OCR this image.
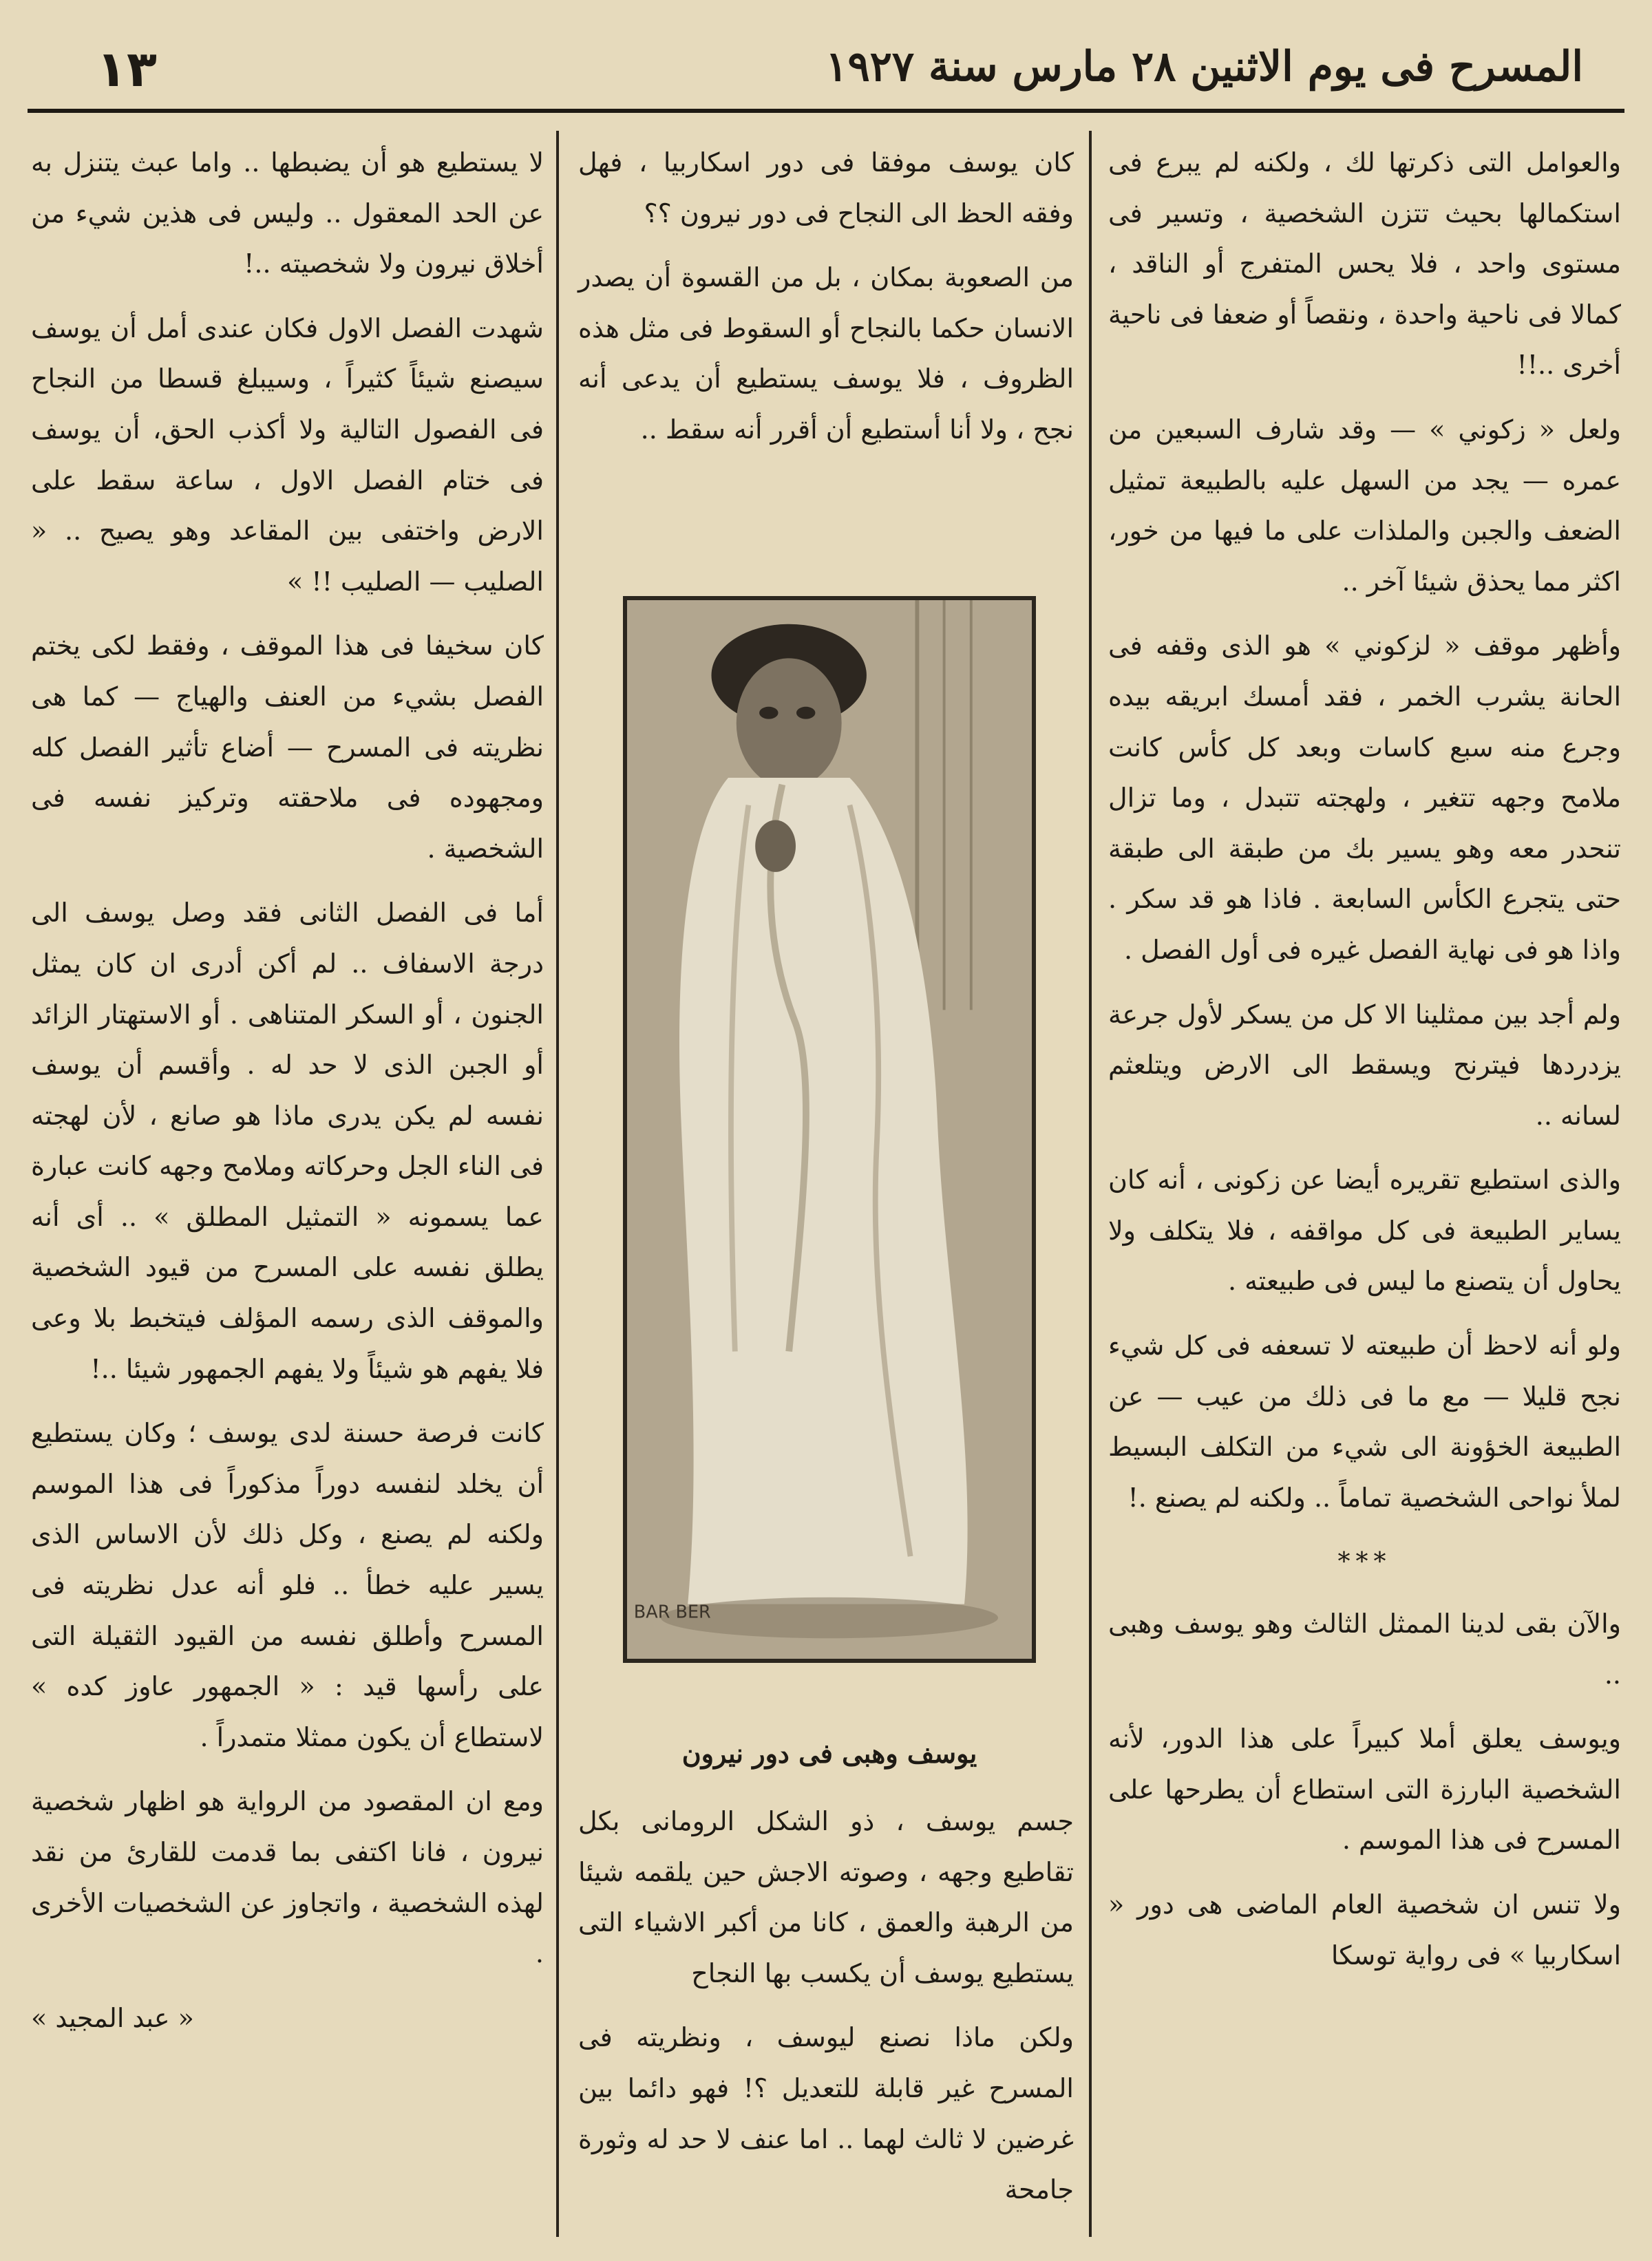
١٣	المسرح فى يوم الاثنين ٢٨ مارس سنة ١٩٢٧

والعوامل التى ذكرتها لك ، ولكنه لم يبرع فى استكمالها بحيث تتزن الشخصية ، وتسير فى مستوى واحد ، فلا يحس المتفرج أو الناقد ، كمالا فى ناحية واحدة ، ونقصاً أو ضعفا فى ناحية أخرى ..!!

ولعل « زكوني » — وقد شارف السبعين من عمره — يجد من السهل عليه بالطبيعة تمثيل الضعف والجبن والملذات على ما فيها من خور، اكثر مما يحذق شيئا آخر ..

وأظهر موقف « لزكوني » هو الذى وقفه فى الحانة يشرب الخمر ، فقد أمسك ابريقه بيده وجرع منه سبع كاسات وبعد كل كأس كانت ملامح وجهه تتغير ، ولهجته تتبدل ، وما تزال تنحدر معه وهو يسير بك من طبقة الى طبقة حتى يتجرع الكأس السابعة . فاذا هو قد سكر . واذا هو فى نهاية الفصل غيره فى أول الفصل .

ولم أجد بين ممثلينا الا كل من يسكر لأول جرعة يزدردها فيترنح ويسقط الى الارض ويتلعثم لسانه ..

والذى استطيع تقريره أيضا عن زكونى ، أنه كان يساير الطبيعة فى كل مواقفه ، فلا يتكلف ولا يحاول أن يتصنع ما ليس فى طبيعته .

ولو أنه لاحظ أن طبيعته لا تسعفه فى كل شيء نجح قليلا — مع ما فى ذلك من عيب — عن الطبيعة الخؤونة الى شيء من التكلف البسيط لملأ نواحى الشخصية تماماً .. ولكنه لم يصنع .!

***

والآن بقى لدينا الممثل الثالث وهو يوسف وهبى ..

ويوسف يعلق أملا كبيراً على هذا الدور، لأنه الشخصية البارزة التى استطاع أن يطرحها على المسرح فى هذا الموسم .

ولا تنس ان شخصية العام الماضى هى دور « اسكاربيا » فى رواية توسكا

كان يوسف موفقا فى دور اسكاربيا ، فهل وفقه الحظ الى النجاح فى دور نيرون ؟؟

من الصعوبة بمكان ، بل من القسوة أن يصدر الانسان حكما بالنجاح أو السقوط فى مثل هذه الظروف ، فلا يوسف يستطيع أن يدعى أنه نجح ، ولا أنا أستطيع أن أقرر أنه سقط ..

BAR BER
يوسف وهبى فى دور نيرون

جسم يوسف ، ذو الشكل الرومانى بكل تقاطيع وجهه ، وصوته الاجش حين يلقمه شيئا من الرهبة والعمق ، كانا من أكبر الاشياء التى يستطيع يوسف أن يكسب بها النجاح

ولكن ماذا نصنع ليوسف ، ونظريته فى المسرح غير قابلة للتعديل ؟! فهو دائما بين غرضين لا ثالث لهما .. اما عنف لا حد له وثورة جامحة

لا يستطيع هو أن يضبطها .. واما عبث يتنزل به عن الحد المعقول .. وليس فى هذين شيء من أخلاق نيرون ولا شخصيته ..!

شهدت الفصل الاول فكان عندى أمل أن يوسف سيصنع شيئاً كثيراً ، وسيبلغ قسطا من النجاح فى الفصول التالية ولا أكذب الحق، أن يوسف فى ختام الفصل الاول ، ساعة سقط على الارض واختفى بين المقاعد وهو يصيح .. « الصليب — الصليب !! »

كان سخيفا فى هذا الموقف ، وفقط لكى يختم الفصل بشيء من العنف والهياج — كما هى نظريته فى المسرح — أضاع تأثير الفصل كله ومجهوده فى ملاحقته وتركيز نفسه فى الشخصية .

أما فى الفصل الثانى فقد وصل يوسف الى درجة الاسفاف .. لم أكن أدرى ان كان يمثل الجنون ، أو السكر المتناهى . أو الاستهتار الزائد أو الجبن الذى لا حد له . وأقسم أن يوسف نفسه لم يكن يدرى ماذا هو صانع ، لأن لهجته فى الناء الجل وحركاته وملامح وجهه كانت عبارة عما يسمونه « التمثيل المطلق » .. أى أنه يطلق نفسه على المسرح من قيود الشخصية والموقف الذى رسمه المؤلف فيتخبط بلا وعى فلا يفهم هو شيئاً ولا يفهم الجمهور شيئا ..!

كانت فرصة حسنة لدى يوسف ؛ وكان يستطيع أن يخلد لنفسه دوراً مذكوراً فى هذا الموسم ولكنه لم يصنع ، وكل ذلك لأن الاساس الذى يسير عليه خطأ .. فلو أنه عدل نظريته فى المسرح وأطلق نفسه من القيود الثقيلة التى على رأسها قيد : « الجمهور عاوز كده » لاستطاع أن يكون ممثلا متمدراً .

ومع ان المقصود من الرواية هو اظهار شخصية نيرون ، فانا اكتفى بما قدمت للقارئ من نقد لهذه الشخصية ، واتجاوز عن الشخصيات الأخرى .

« عبد المجيد »
